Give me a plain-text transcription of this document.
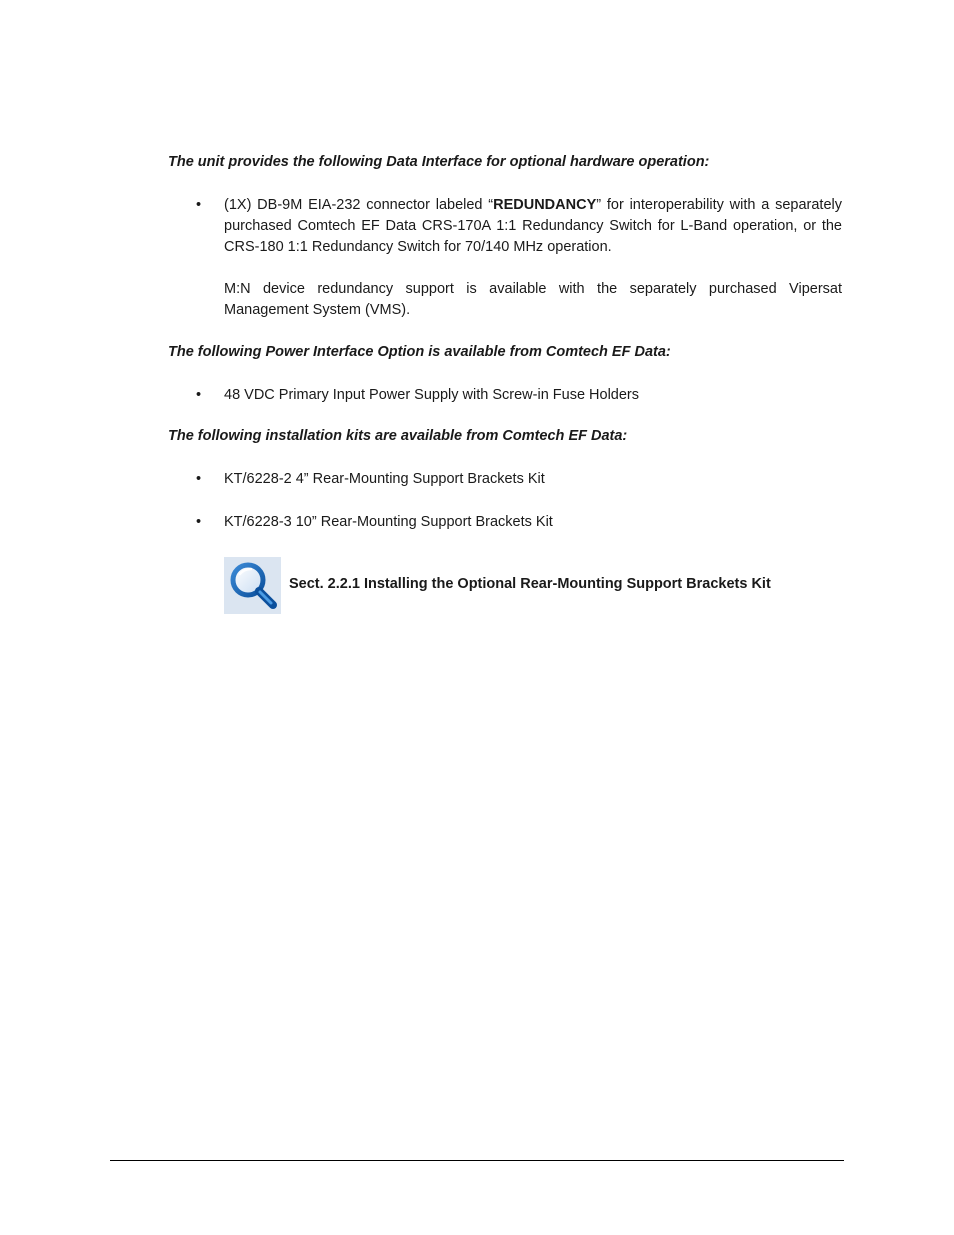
The unit provides the following Data Interface for optional hardware operation:
•	(1X) DB-9M EIA-232 connector labeled “REDUNDANCY” for interoperability with a separately purchased Comtech EF Data CRS-170A 1:1 Redundancy Switch for L-Band operation, or the CRS-180 1:1 Redundancy Switch for 70/140 MHz operation.
M:N device redundancy support is available with the separately purchased Vipersat Management System (VMS).
The following Power Interface Option is available from Comtech EF Data:
•	48 VDC Primary Input Power Supply with Screw-in Fuse Holders
The following installation kits are available from Comtech EF Data:
•	KT/6228-2 4” Rear-Mounting Support Brackets Kit
•	KT/6228-3 10” Rear-Mounting Support Brackets Kit
Sect. 2.2.1 Installing the Optional Rear-Mounting Support Brackets Kit
